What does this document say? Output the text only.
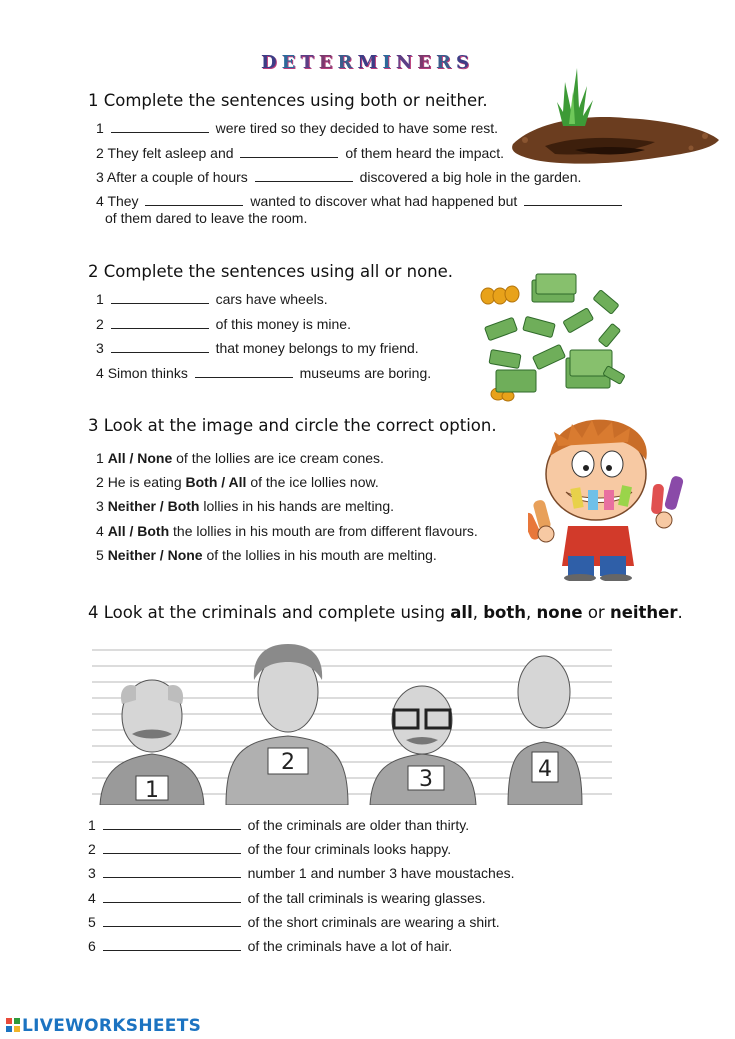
DETERMINERS
1 Complete the sentences using both or neither.
1	were tired so they decided to have some rest.
2 They felt asleep and	of them heard the impact.
3 After a couple of hours	discovered a big hole in the garden.
4 They	wanted to discover what had happened but
of them dared to leave the room.
2 Complete the sentences using all or none.
1	cars have wheels.
2	of this money is mine.
3	that money belongs to my friend.
4 Simon thinks	museums are boring.
3 Look at the image and circle the correct option.
1 All / None of the lollies are ice cream cones.
2 He is eating Both / All of the ice lollies now.
3 Neither / Both lollies in his hands are melting.
4 All / Both the lollies in his mouth are from different flavours.
5 Neither / None of the lollies in his mouth are melting.
4 Look at the criminals and complete using all, both, none or neither.
1
2
3	4
1	of the criminals are older than thirty.
2	of the four criminals looks happy.
3	number 1 and number 3 have moustaches.
4	of the tall criminals is wearing glasses.
5	of the short criminals are wearing a shirt.
6	of the criminals have a lot of hair.
LIVEWORKSHEETS
